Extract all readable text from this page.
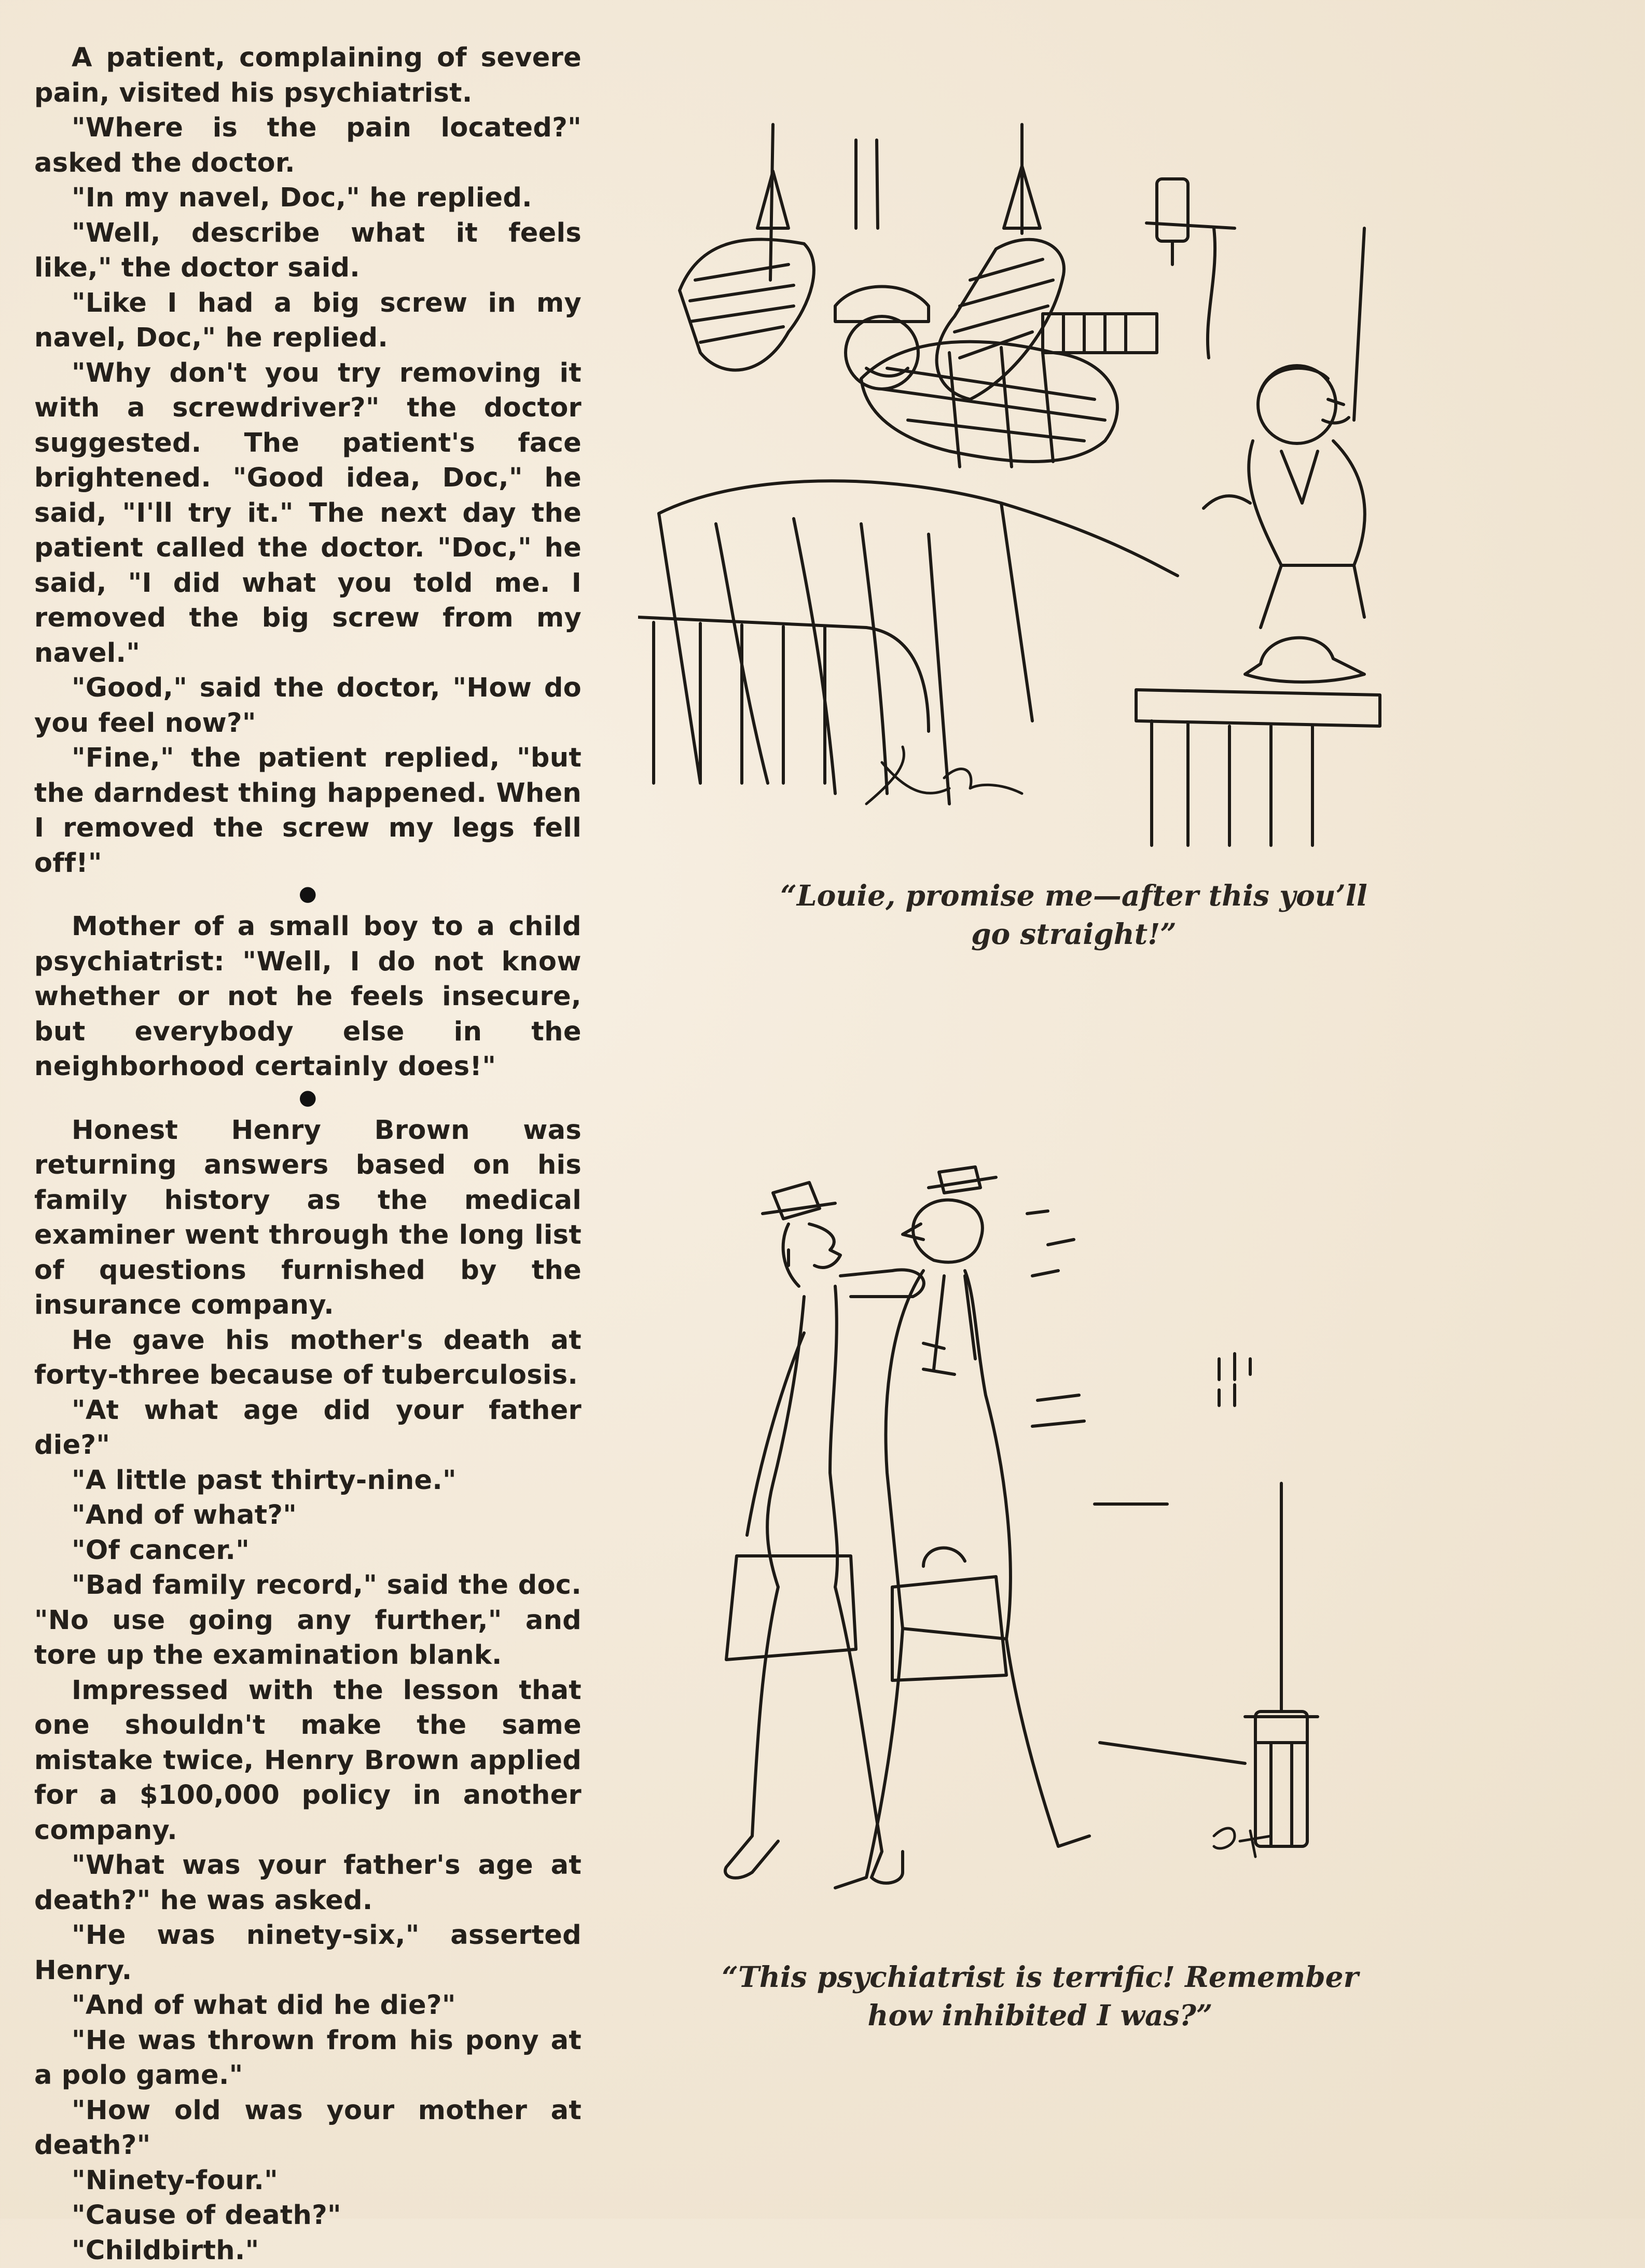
A patient, complaining of severe pain, visited his psychiatrist.

"Where is the pain located?" asked the doctor.

"In my navel, Doc," he replied.

"Well, describe what it feels like," the doctor said.

"Like I had a big screw in my navel, Doc," he replied.

"Why don't you try removing it with a screwdriver?" the doctor suggested. The patient's face brightened. "Good idea, Doc," he said, "I'll try it." The next day the patient called the doctor. "Doc," he said, "I did what you told me. I removed the big screw from my navel."

"Good," said the doctor, "How do you feel now?"

"Fine," the patient replied, "but the darndest thing happened. When I removed the screw my legs fell off!"

●

Mother of a small boy to a child psychiatrist: "Well, I do not know whether or not he feels insecure, but everybody else in the neighborhood certainly does!"

●

Honest Henry Brown was returning answers based on his family history as the medical examiner went through the long list of questions furnished by the insurance company.

He gave his mother's death at forty-three because of tuberculosis.

"At what age did your father die?"

"A little past thirty-nine."

"And of what?"

"Of cancer."

"Bad family record," said the doc. "No use going any further," and tore up the examination blank.

Impressed with the lesson that one shouldn't make the same mistake twice, Henry Brown applied for a $100,000 policy in another company.

"What was your father's age at death?" he was asked.

"He was ninety-six," asserted Henry.

"And of what did he die?"

"He was thrown from his pony at a polo game."

"How old was your mother at death?"

"Ninety-four."

"Cause of death?"

"Childbirth."

“Louie, promise me—after this you’ll
go straight!”
“This psychiatrist is terrific! Remember
how inhibited I was?”
